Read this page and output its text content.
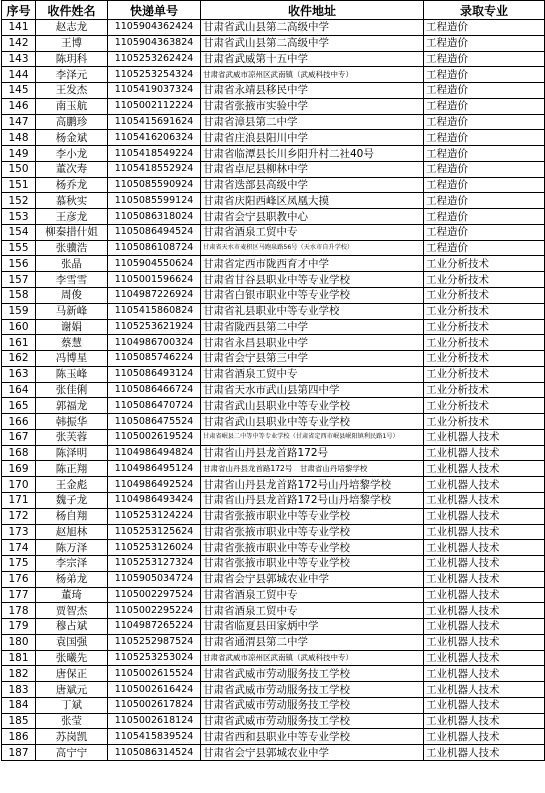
序号	收件姓名	快递单号	收件地址	录取专业
141	赵志龙	1105904362424	甘肃省武山县第二高级中学	工程造价
142	王博	1105904363824	甘肃省武山县第二高级中学	工程造价
143	陈玥科	1105253262424	甘肃省武威第十五中学	工程造价
144	李泽元	1105253254324	甘肃省武威市凉州区武南镇（武威科技中专）	工程造价
145	王发杰	1105419037324	甘肃省永靖县移民中学	工程造价
146	南玉航	1105002112224	甘肃省张掖市实验中学	工程造价
147	高鹏珍	1105415691624	甘肃省漳县第二中学	工程造价
148	杨金斌	1105416206324	甘肃省庄浪县阳川中学	工程造价
149	李小龙	1105418549224	甘肃省临潭县长川乡阳升村二社40号	工程造价
150	董次寿	1105418552924	甘肃省卓尼县柳林中学	工程造价
151	杨乔龙	1105085590924	甘肃省迭部县高级中学	工程造价
152	慕秋实	1105085599124	甘肃省庆阳西峰区凤凰大摸	工程造价
153	王彦龙	1105086318024	甘肃省会宁县职教中心	工程造价
154	柳秦措什姐	1105086494524	甘肃省酒泉工贸中专	工程造价
155	张骥浩	1105086108724	甘肃省天水市麦积区马跑泉路56号（天水市自升学校）	工程造价
156	张晶	1105904550624	甘肃省定西市陇西育才中学	工业分析技术
157	李雪雪	1105001596624	甘肃省甘谷县职业中等专业学校	工业分析技术
158	周俊	1104987226924	甘肃省白银市职业中等专业学校	工业分析技术
159	马新峰	1105415860824	甘肃省礼县职业中等专业学校	工业分析技术
160	谢娟	1105253621924	甘肃省陇西县第二中学	工业分析技术
161	蔡慧	1104986700324	甘肃省永昌县职业中学	工业分析技术
162	冯博星	1105085746224	甘肃省会宁县第三中学	工业分析技术
163	陈玉峰	1105086493124	甘肃省酒泉工贸中专	工业分析技术
164	张佳俐	1105086466724	甘肃省天水市武山县第四中学	工业分析技术
165	郭福龙	1105086470724	甘肃省武山县职业中等专业学校	工业分析技术
166	韩振华	1105086475524	甘肃省武山县职业中等专业学校	工业分析技术
167	张芙蓉	1105002619524	甘肃省岷县二中等中等专业学校（甘肃省定西市岷县岷阳镇利民路1号）	工业机器人技术
168	陈泽明	1104986494824	甘肃省山丹县龙首路172号	工业机器人技术
169	陈正翔	1104986495124	甘肃省山丹县龙首路172号　甘肃省山丹培黎学校	工业机器人技术
170	王金彪	1104986492524	甘肃省山丹县龙首路172号山丹培黎学校	工业机器人技术
171	魏子龙	1104986493424	甘肃省山丹县龙首路172号山丹培黎学校	工业机器人技术
172	杨自翔	1105253124224	甘肃省张掖市职业中等专业学校	工业机器人技术
173	赵旭林	1105253125624	甘肃省张掖市职业中等专业学校	工业机器人技术
174	陈万泽	1105253126024	甘肃省张掖市职业中等专业学校	工业机器人技术
175	李宗泽	1105253127324	甘肃省张掖市职业中等专业学校	工业机器人技术
176	杨弟龙	1105905034724	甘肃省会宁县郭城农业中学	工业机器人技术
177	董琦	1105002297524	甘肃省酒泉工贸中专	工业机器人技术
178	贾智杰	1105002295224	甘肃省酒泉工贸中专	工业机器人技术
179	穆占斌	1104987265224	甘肃省临夏县田家炳中学	工业机器人技术
180	袁国强	1105252987524	甘肃省通渭县第二中学	工业机器人技术
181	张曦先	1105253253024	甘肃省武威市凉州区武南镇（武威科技中专）	工业机器人技术
182	唐保正	1105002615524	甘肃省武威市劳动服务技工学校	工业机器人技术
183	唐斌元	1105002616424	甘肃省武威市劳动服务技工学校	工业机器人技术
184	丁斌	1105002617824	甘肃省武威市劳动服务技工学校	工业机器人技术
185	张莹	1105002618124	甘肃省武威市劳动服务技工学校	工业机器人技术
186	苏岗凯	1105415839524	甘肃省西和县职业中等专业学校	工业机器人技术
187	高宁宁	1105086314524	甘肃省会宁县郭城农业中学	工业机器人技术
